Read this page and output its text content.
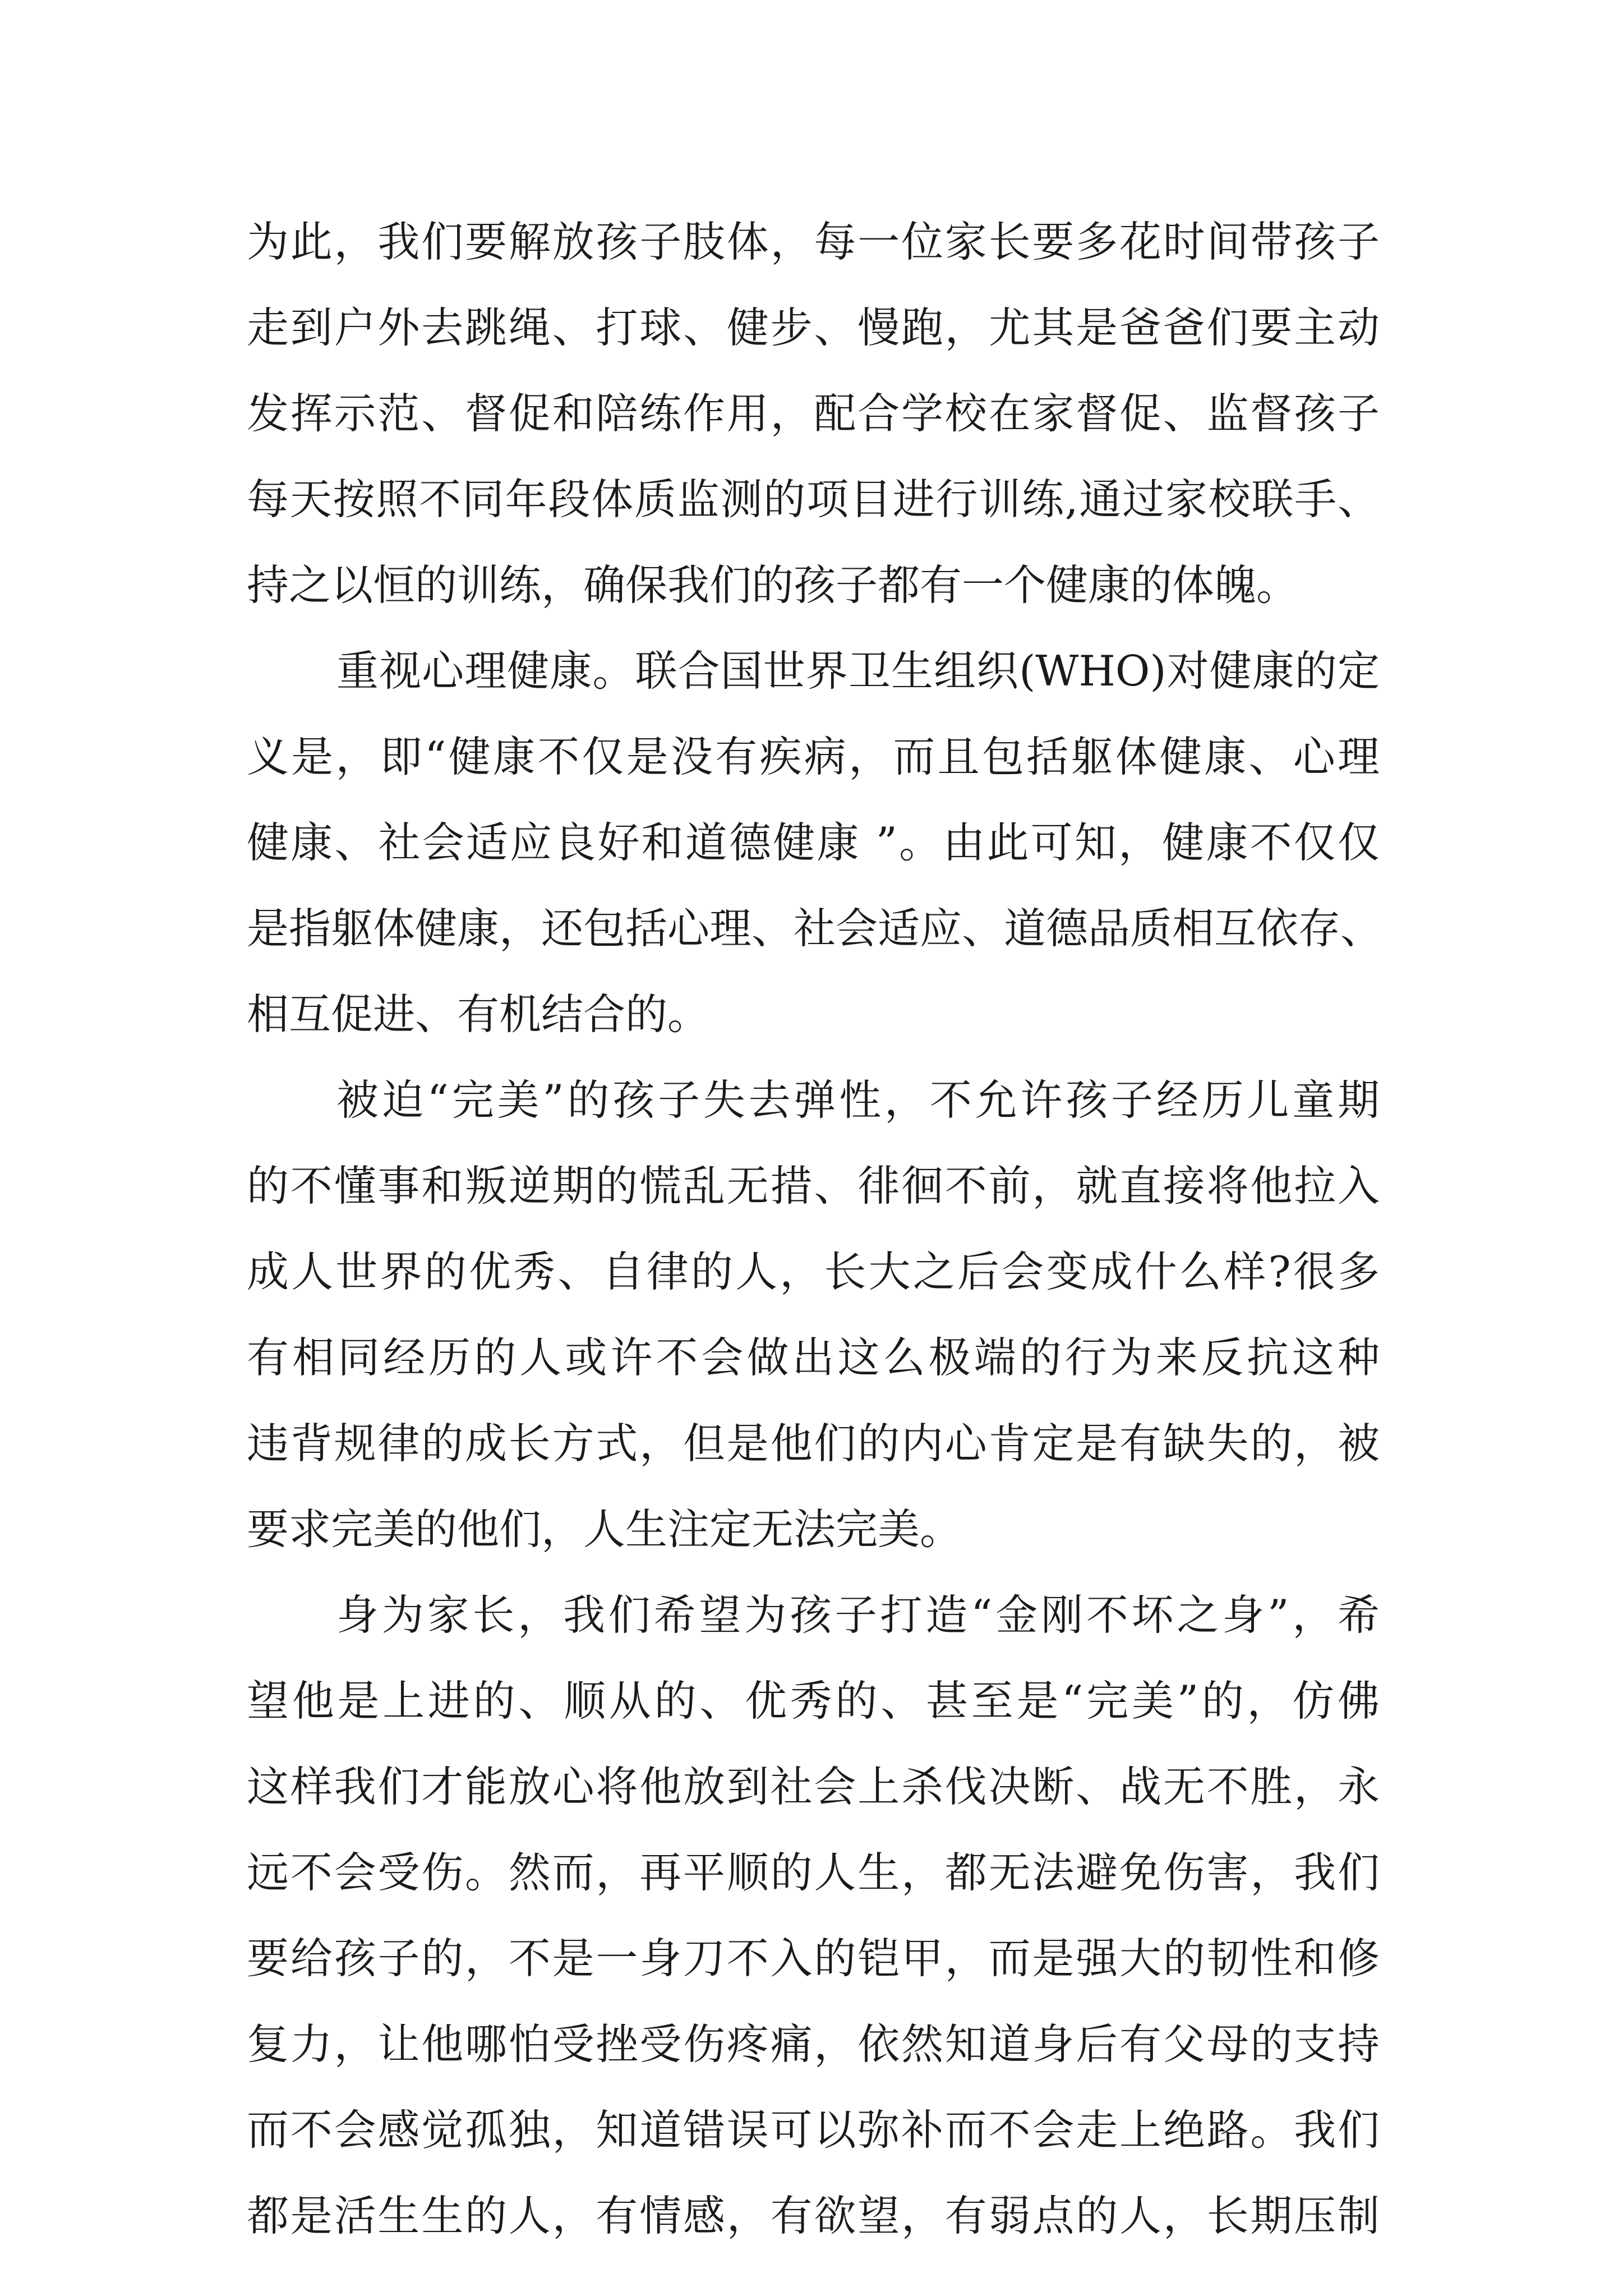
为此，我们要解放孩子肢体，每一位家长要多花时间带孩子
走到户外去跳绳、打球、健步、慢跑，尤其是爸爸们要主动
发挥示范、督促和陪练作用，配合学校在家督促、监督孩子
每天按照不同年段体质监测的项目进行训练,通过家校联手、
持之以恒的训练，确保我们的孩子都有一个健康的体魄。
重视心理健康。联合国世界卫生组织(WHO)对健康的定
义是，即“健康不仅是没有疾病，而且包括躯体健康、心理
健康、社会适应良好和道德健康 ”。由此可知，健康不仅仅
是指躯体健康，还包括心理、社会适应、道德品质相互依存、
相互促进、有机结合的。
被迫“完美”的孩子失去弹性，不允许孩子经历儿童期
的不懂事和叛逆期的慌乱无措、徘徊不前，就直接将他拉入
成人世界的优秀、自律的人，长大之后会变成什么样?很多
有相同经历的人或许不会做出这么极端的行为来反抗这种
违背规律的成长方式，但是他们的内心肯定是有缺失的，被
要求完美的他们，人生注定无法完美。
身为家长，我们希望为孩子打造“金刚不坏之身”，希
望他是上进的、顺从的、优秀的、甚至是“完美”的，仿佛
这样我们才能放心将他放到社会上杀伐决断、战无不胜，永
远不会受伤。然而，再平顺的人生，都无法避免伤害，我们
要给孩子的，不是一身刀不入的铠甲，而是强大的韧性和修
复力，让他哪怕受挫受伤疼痛，依然知道身后有父母的支持
而不会感觉孤独，知道错误可以弥补而不会走上绝路。我们
都是活生生的人，有情感，有欲望，有弱点的人，长期压制
